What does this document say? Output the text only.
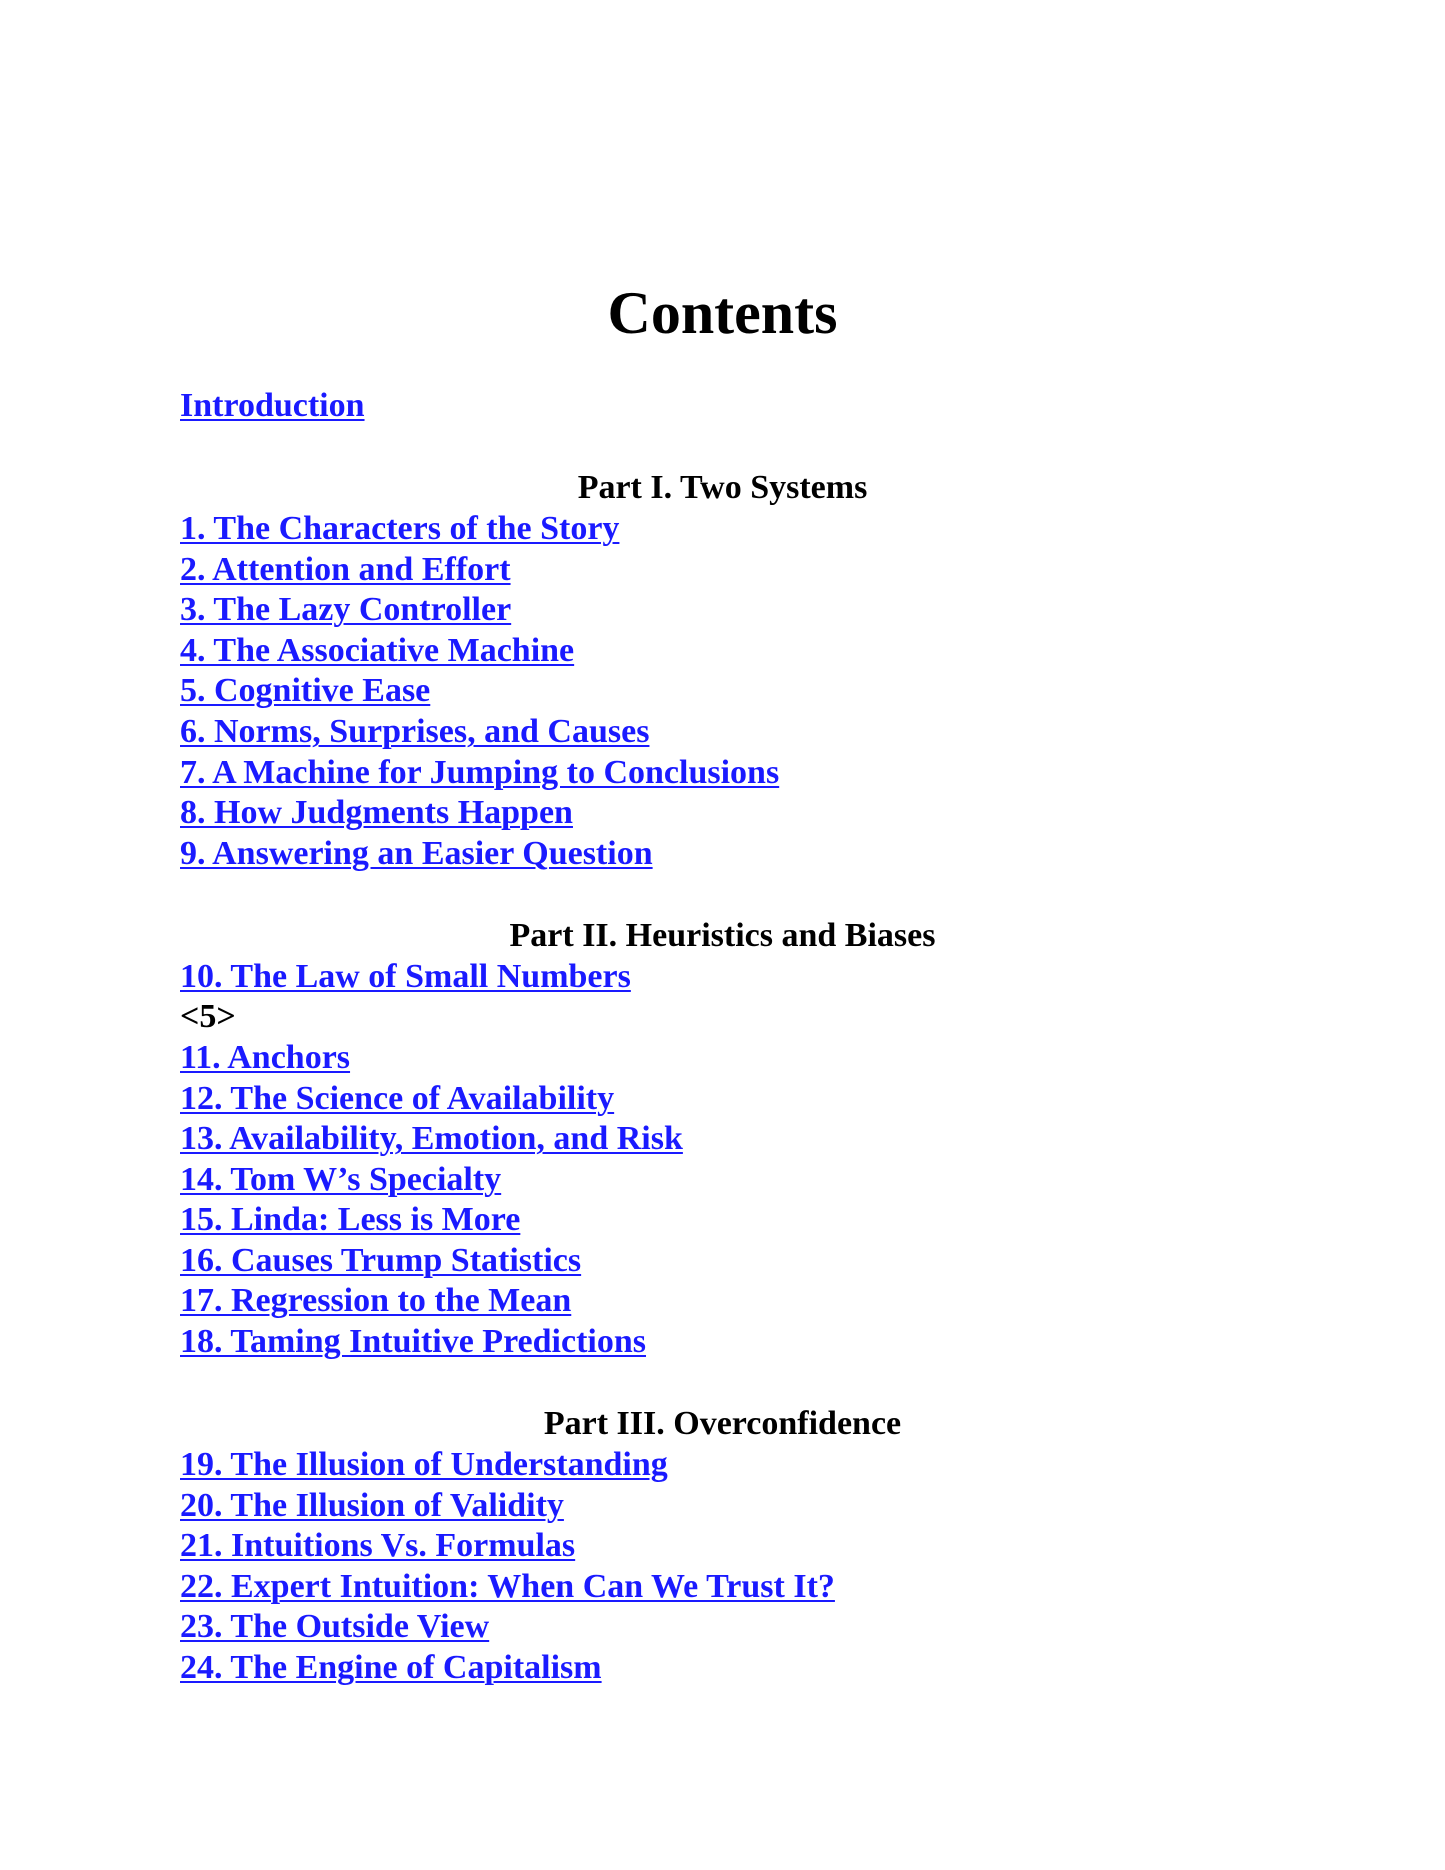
Contents
Introduction
Part I. Two Systems
1. The Characters of the Story
2. Attention and Effort
3. The Lazy Controller
4. The Associative Machine
5. Cognitive Ease
6. Norms, Surprises, and Causes
7. A Machine for Jumping to Conclusions
8. How Judgments Happen
9. Answering an Easier Question
Part II. Heuristics and Biases
10. The Law of Small Numbers
<5>
11. Anchors
12. The Science of Availability
13. Availability, Emotion, and Risk
14. Tom W’s Specialty
15. Linda: Less is More
16. Causes Trump Statistics
17. Regression to the Mean
18. Taming Intuitive Predictions
Part III. Overconfidence
19. The Illusion of Understanding
20. The Illusion of Validity
21. Intuitions Vs. Formulas
22. Expert Intuition: When Can We Trust It?
23. The Outside View
24. The Engine of Capitalism
